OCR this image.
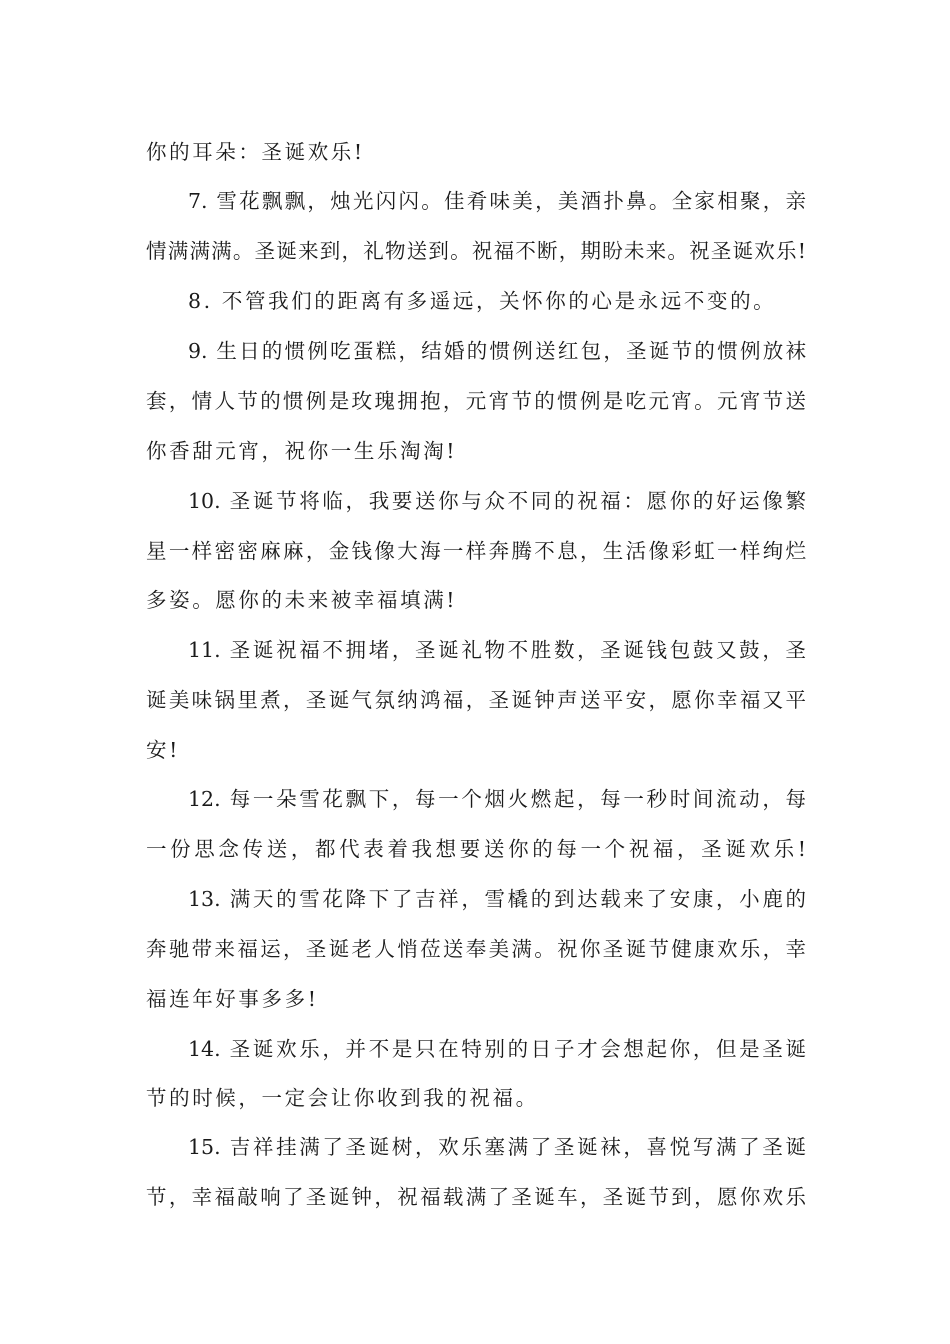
你的耳朵：圣诞欢乐!
7. 雪花飘飘，烛光闪闪。佳肴味美，美酒扑鼻。全家相聚，亲
情满满满。圣诞来到，礼物送到。祝福不断，期盼未来。祝圣诞欢乐!
8. 不管我们的距离有多遥远，关怀你的心是永远不变的。
9. 生日的惯例吃蛋糕，结婚的惯例送红包，圣诞节的惯例放袜
套，情人节的惯例是玫瑰拥抱，元宵节的惯例是吃元宵。元宵节送
你香甜元宵，祝你一生乐淘淘!
10. 圣诞节将临，我要送你与众不同的祝福：愿你的好运像繁
星一样密密麻麻，金钱像大海一样奔腾不息，生活像彩虹一样绚烂
多姿。愿你的未来被幸福填满!
11. 圣诞祝福不拥堵，圣诞礼物不胜数，圣诞钱包鼓又鼓，圣
诞美味锅里煮，圣诞气氛纳鸿福，圣诞钟声送平安，愿你幸福又平
安!
12. 每一朵雪花飘下，每一个烟火燃起，每一秒时间流动，每
一份思念传送，都代表着我想要送你的每一个祝福，圣诞欢乐!
13. 满天的雪花降下了吉祥，雪橇的到达载来了安康，小鹿的
奔驰带来福运，圣诞老人悄莅送奉美满。祝你圣诞节健康欢乐，幸
福连年好事多多!
14. 圣诞欢乐，并不是只在特别的日子才会想起你，但是圣诞
节的时候，一定会让你收到我的祝福。
15. 吉祥挂满了圣诞树，欢乐塞满了圣诞袜，喜悦写满了圣诞
节，幸福敲响了圣诞钟，祝福载满了圣诞车，圣诞节到，愿你欢乐
